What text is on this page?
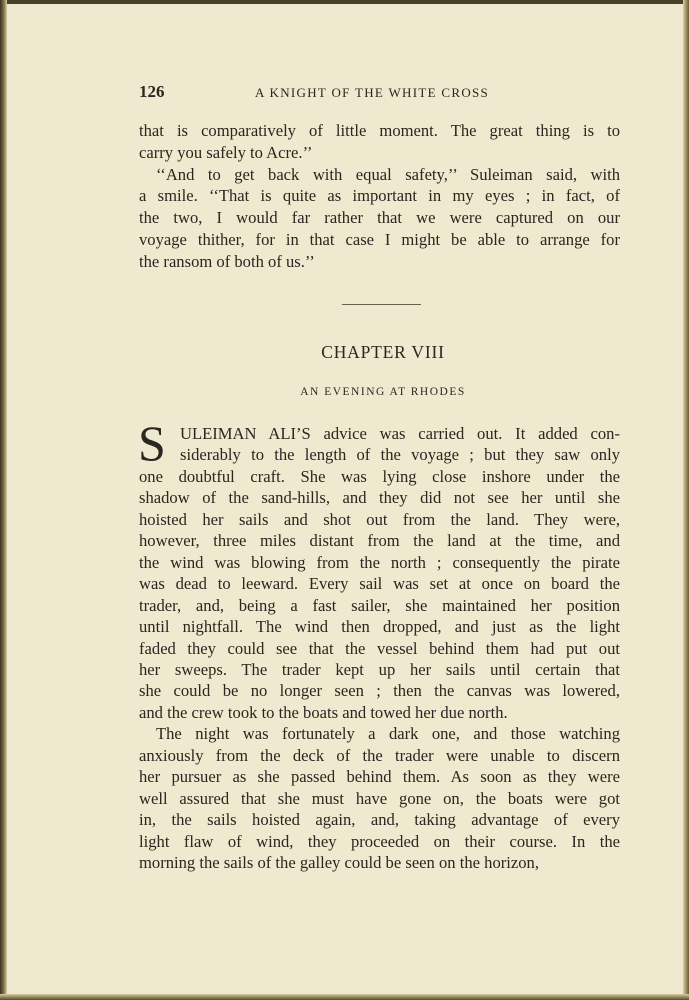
126	A KNIGHT OF THE WHITE CROSS
that is comparatively of little moment. The great thing is to
carry you safely to Acre.’’
‘‘And to get back with equal safety,’’ Suleiman said, with
a smile. ‘‘That is quite as important in my eyes ; in fact, of
the two, I would far rather that we were captured on our
voyage thither, for in that case I might be able to arrange for
the ransom of both of us.’’
CHAPTER VIII
AN EVENING AT RHODES
S ULEIMAN ALI’S advice was carried out. It added con-
siderably to the length of the voyage ; but they saw only
one doubtful craft. She was lying close inshore under the
shadow of the sand-hills, and they did not see her until she
hoisted her sails and shot out from the land. They were,
however, three miles distant from the land at the time, and
the wind was blowing from the north ; consequently the pirate
was dead to leeward. Every sail was set at once on board the
trader, and, being a fast sailer, she maintained her position
until nightfall. The wind then dropped, and just as the light
faded they could see that the vessel behind them had put out
her sweeps. The trader kept up her sails until certain that
she could be no longer seen ; then the canvas was lowered,
and the crew took to the boats and towed her due north.
The night was fortunately a dark one, and those watching
anxiously from the deck of the trader were unable to discern
her pursuer as she passed behind them. As soon as they were
well assured that she must have gone on, the boats were got
in, the sails hoisted again, and, taking advantage of every
light flaw of wind, they proceeded on their course. In the
morning the sails of the galley could be seen on the horizon,
